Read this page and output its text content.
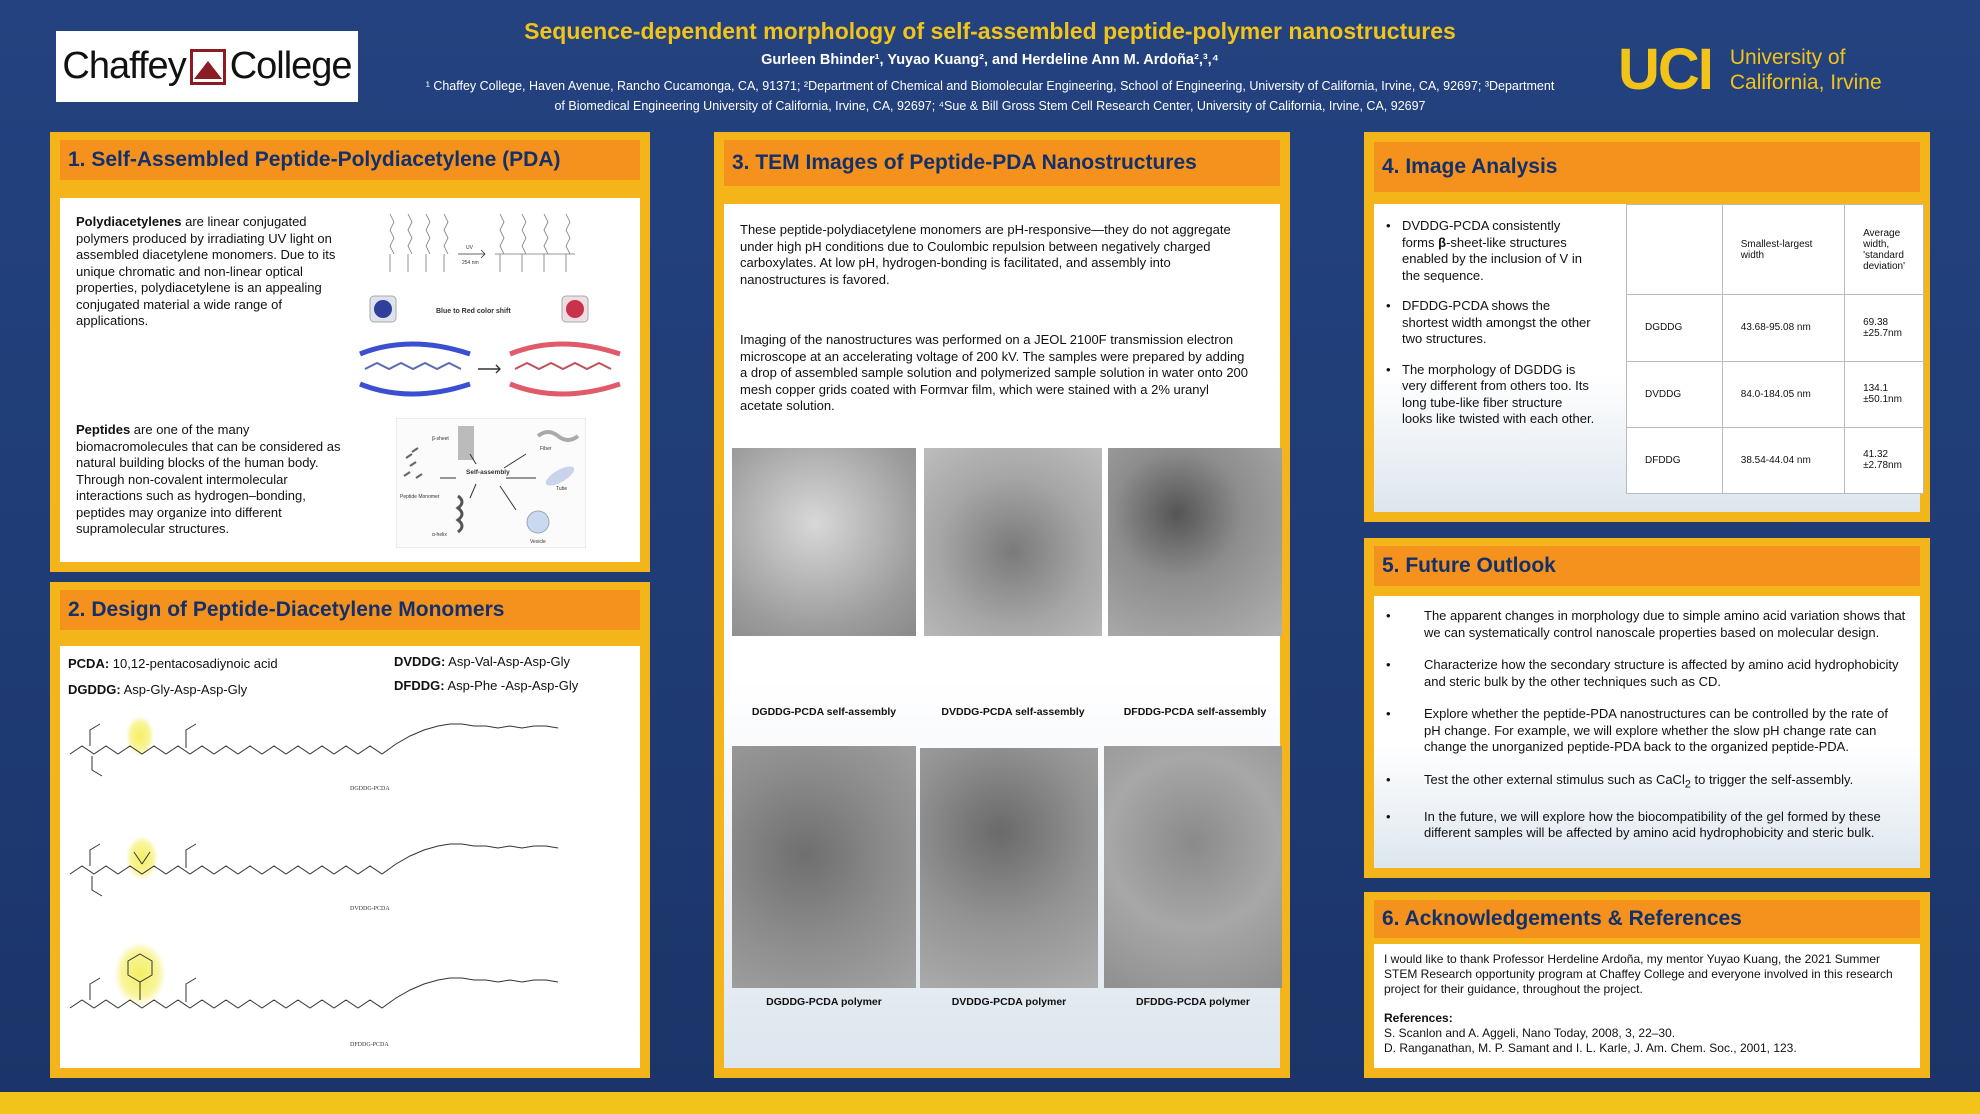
Chaffey College
Sequence-dependent morphology of self-assembled peptide-polymer nanostructures
Gurleen Bhinder¹, Yuyao Kuang², and Herdeline Ann M. Ardoña²,³,⁴
¹ Chaffey College, Haven Avenue, Rancho Cucamonga, CA, 91371; ²Department of Chemical and Biomolecular Engineering, School of Engineering, University of California, Irvine, CA, 92697; ³Department of Biomedical Engineering University of California, Irvine, CA, 92697; ⁴Sue & Bill Gross Stem Cell Research Center, University of California, Irvine, CA, 92697
UCI University of
California, Irvine
1. Self-Assembled Peptide-Polydiacetylene (PDA)
Polydiacetylenes are linear conjugated polymers produced by irradiating UV light on assembled diacetylene monomers. Due to its unique chromatic and non-linear optical properties, polydiacetylene is an appealing conjugated material a wide range of applications.
Peptides are one of the many biomacromolecules that can be considered as natural building blocks of the human body. Through non-covalent intermolecular interactions such as hydrogen–bonding, peptides may organize into different supramolecular structures.
UV
254 nm
Blue to Red color shift
Self-assembly
β-sheet
α-helix
Peptide Monomer
Fiber
Tube
Vesicle
2. Design of Peptide-Diacetylene Monomers
PCDA: 10,12-pentacosadiynoic acid
DGDDG: Asp-Gly-Asp-Asp-Gly
DVDDG: Asp-Val-Asp-Asp-Gly
DFDDG: Asp-Phe -Asp-Asp-Gly
DGDDG-PCDA
DVDDG-PCDA
DFDDG-PCDA
3. TEM Images of Peptide-PDA Nanostructures
These peptide-polydiacetylene monomers are pH-responsive—they do not aggregate under high pH conditions due to Coulombic repulsion between negatively charged carboxylates. At low pH, hydrogen-bonding is facilitated, and assembly into nanostructures is favored.
Imaging of the nanostructures was performed on a JEOL 2100F transmission electron microscope at an accelerating voltage of 200 kV. The samples were prepared by adding a drop of assembled sample solution and polymerized sample solution in water onto 200 mesh copper grids coated with Formvar film, which were stained with a 2% uranyl acetate solution.
DGDDG-PCDA self-assembly	DVDDG-PCDA self-assembly	DFDDG-PCDA self-assembly
DGDDG-PCDA polymer	DVDDG-PCDA polymer	DFDDG-PCDA polymer
4. Image Analysis
• DVDDG-PCDA consistently forms β-sheet-like structures enabled by the inclusion of V in the sequence.
• DFDDG-PCDA shows the shortest width amongst the other two structures.
• The morphology of DGDDG is very different from others too. Its long tube-like fiber structure looks like twisted with each other.
	Smallest-largest width	Average width, 'standard deviation'
DGDDG	43.68-95.08 nm	69.38 ±25.7nm
DVDDG	84.0-184.05 nm	134.1 ±50.1nm
DFDDG	38.54-44.04 nm	41.32 ±2.78nm
5. Future Outlook
• The apparent changes in morphology due to simple amino acid variation shows that we can systematically control nanoscale properties based on molecular design.
• Characterize how the secondary structure is affected by amino acid hydrophobicity and steric bulk by the other techniques such as CD.
• Explore whether the peptide-PDA nanostructures can be controlled by the rate of pH change. For example, we will explore whether the slow pH change rate can change the unorganized peptide-PDA back to the organized peptide-PDA.
• Test the other external stimulus such as CaCl$_2$ to trigger the self-assembly.
• In the future, we will explore how the biocompatibility of the gel formed by these different samples will be affected by amino acid hydrophobicity and steric bulk.
6. Acknowledgements & References
I would like to thank Professor Herdeline Ardoña, my mentor Yuyao Kuang, the 2021 Summer STEM Research opportunity program at Chaffey College and everyone involved in this research project for their guidance, throughout the project.
References:
S. Scanlon and A. Aggeli, Nano Today, 2008, 3, 22–30.
D. Ranganathan, M. P. Samant and I. L. Karle, J. Am. Chem. Soc., 2001, 123.
